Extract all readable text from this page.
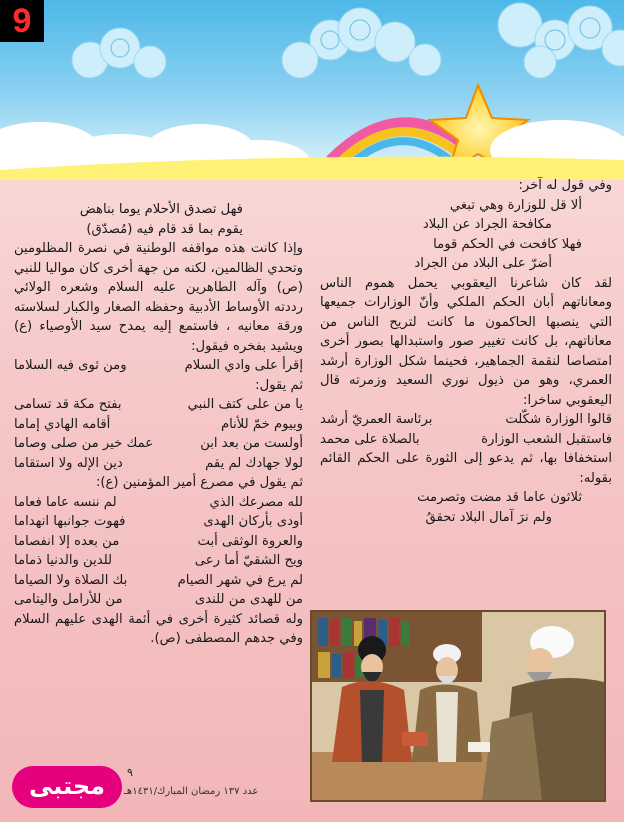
9

وفي قول له آخر:

ألا قل للوزارة وهي تبغي

مكافحة الجراد عن البلاد

فهلا كافحت في الحكم قوما

أضرّ على البلاد من الجراد

لقد كان شاعرنا اليعقوبي يحمل هموم الناس ومعاناتهم أبان الحكم الملكي وأنّ الوزارات جميعها التي ينصبها الحاكمون ما كانت لتريح الناس من معاناتهم، بل كانت تغيير صور واستبدالها بصور أخرى امتصاصا لنقمة الجماهير، فحينما شكل الوزارة أرشد العمري، وهو من ذيول نوري السعيد وزمرته قال اليعقوبي ساخرا:

قالوا الوزارة شكّلت
برئاسة العمريّ أرشد
فاستقبل الشعب الوزارة
بالصلاة على محمد

استخفافا بها، ثم يدعو إلى الثورة على الحكم القائم بقوله:

ثلاثون عاما قد مضت وتصرمت

ولم نرَ آمال البلاد تحققُ

فهل تصدق الأحلام يوما بناهض

يقوم بما قد قام فيه (مُصدّق)

وإذا كانت هذه مواقفه الوطنية في نصرة المظلومين وتحدي الظالمين، لكنه من جهة أخرى كان مواليا للنبي (ص) وآله الطاهرين عليه السلام وشعره الولائي رددته الأوساط الأدبية وحفظه الصغار والكبار لسلاسته ورقة معانيه ، فاستمع إليه يمدح سيد الأوصياء (ع) ويشيد بفخره فيقول:

إقرأ على وادي السلام
ومن ثوى فيه السلاما

ثم يقول:

يا من على كتف النبي
بفتح مكة قد تسامى
وبيوم خمّ للأنام
أقامه الهادي إماما
أولست من بعد ابن
عمك خير من صلى وصاما
لولا جهادك لم يقم
دين الإله ولا استقاما

ثم يقول في مصرع أمير المؤمنين (ع):

لله مصرعك الذي
لم ننسه عاما فعاما
أودى بأركان الهدى
فهوت جوانبها انهداما
والعروة الوثقى أبت
من بعده إلا انفصاما
ويح الشقيّ أما رعى
للدين والدنيا ذماما
لم يرع في شهر الصيام
بك الصلاة ولا الصياما
من للهدى من للندى
من للأرامل واليتامى

وله قصائد كثيرة أخرى في أئمة الهدى عليهم السلام وفي جدهم المصطفى (ص).

مجتبى	٩
عدد ١٣٧ رمضان المبارك/١٤٣١هـ
